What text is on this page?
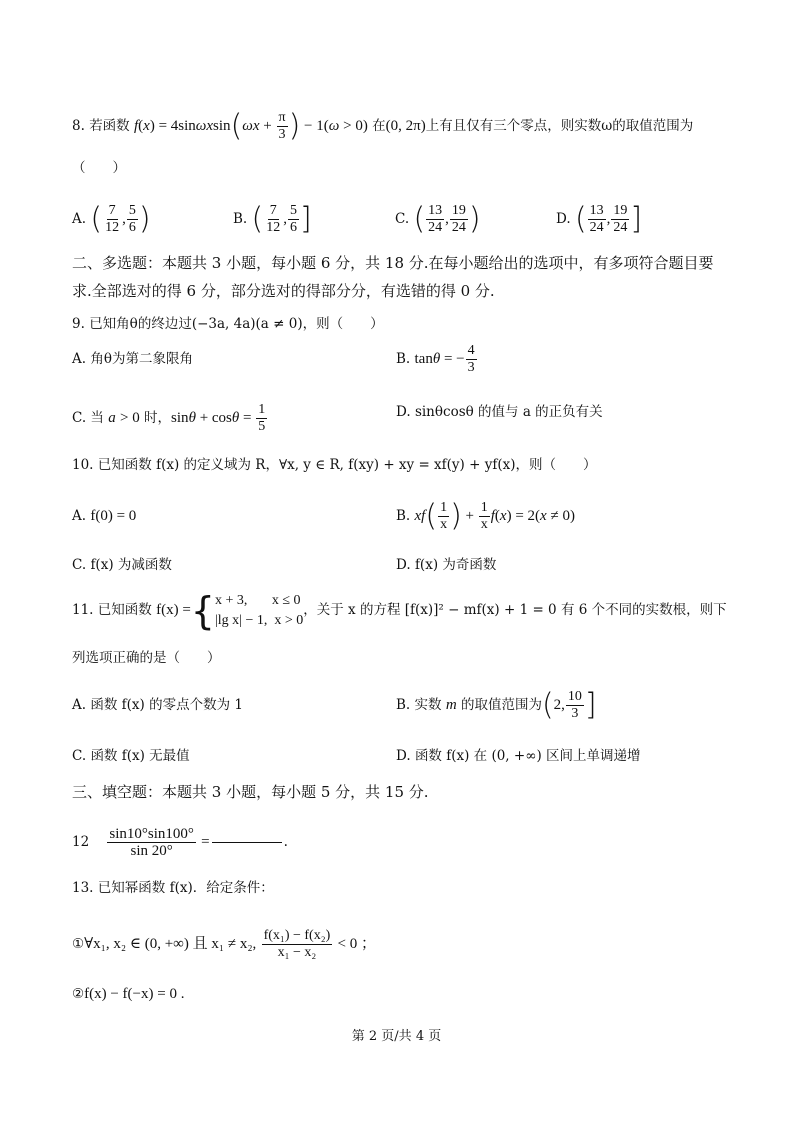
8. 若函数 $f(x) = 4\sin\omega xsin(\omega x + \frac{\pi}{3}$ ) − 1(ω > 0) 在(0, 2π)上有且仅有三个零点，则实数ω的取值范围为
（　　）
A. ( $\frac{7}{12}$ , $\frac{5}{6}$ )	B. ( $\frac{7}{12}$ , $\frac{5}{6}$ ]	C. ( $\frac{13}{24}$ , $\frac{19}{24}$ )	D. ( $\frac{13}{24}$ , $\frac{19}{24}$ ]
二、多选题：本题共 3 小题，每小题 6 分，共 18 分.在每小题给出的选项中，有多项符合题目要求.全部选对的得 6 分，部分选对的得部分分，有选错的得 0 分.
9. 已知角θ的终边过(−3a, 4a)(a ≠ 0)，则（　　）
A. 角θ为第二象限角	B. tanθ = − $\frac{4}{3}$
C. 当 a > 0 时，$\sin\theta + \cos\theta = \frac{1}{5}$	D. sinθcosθ 的值与 a 的正负有关
10. 已知函数 f(x) 的定义域为 R，∀x, y ∈ R, f(xy) + xy = xf(y) + yf(x)，则（　　）
A. f(0) = 0	B. $xf( \frac{1}{x}$ ) + $\frac{1}{x} f(x) = 2(x \ne 0)$
C. f(x) 为减函数	D. f(x) 为奇函数
11. 已知函数 f(x) ={ x + 3, x ≤ 0
|lg x| − 1, x > 0
，关于 x 的方程 [f(x)]² − mf(x) + 1 = 0 有 6 个不同的实数根，则下
列选项正确的是（　　）
A. 函数 f(x) 的零点个数为 1	B. 实数 m 的取值范围为(2, $\frac{10}{3}$ ]
C. 函数 f(x) 无最值	D. 函数 f(x) 在 (0, +∞) 区间上单调递增
三、填空题：本题共 3 小题，每小题 5 分，共 15 分.
$12 \frac{\sin 10^\circ\sin 100^\circ}{\sin 20^\circ}$ =	.
13. 已知幂函数 f(x)．给定条件：
①∀x₁, x₂ ∈ (0, +∞) 且 x₁ ≠ x₂, $\frac{\text{f(x₁) − f(x₂)}}{\text{x₁ − x₂}} < 0$ ；
②f(x) − f(−x) = 0 .
第 2 页/共 4 页
